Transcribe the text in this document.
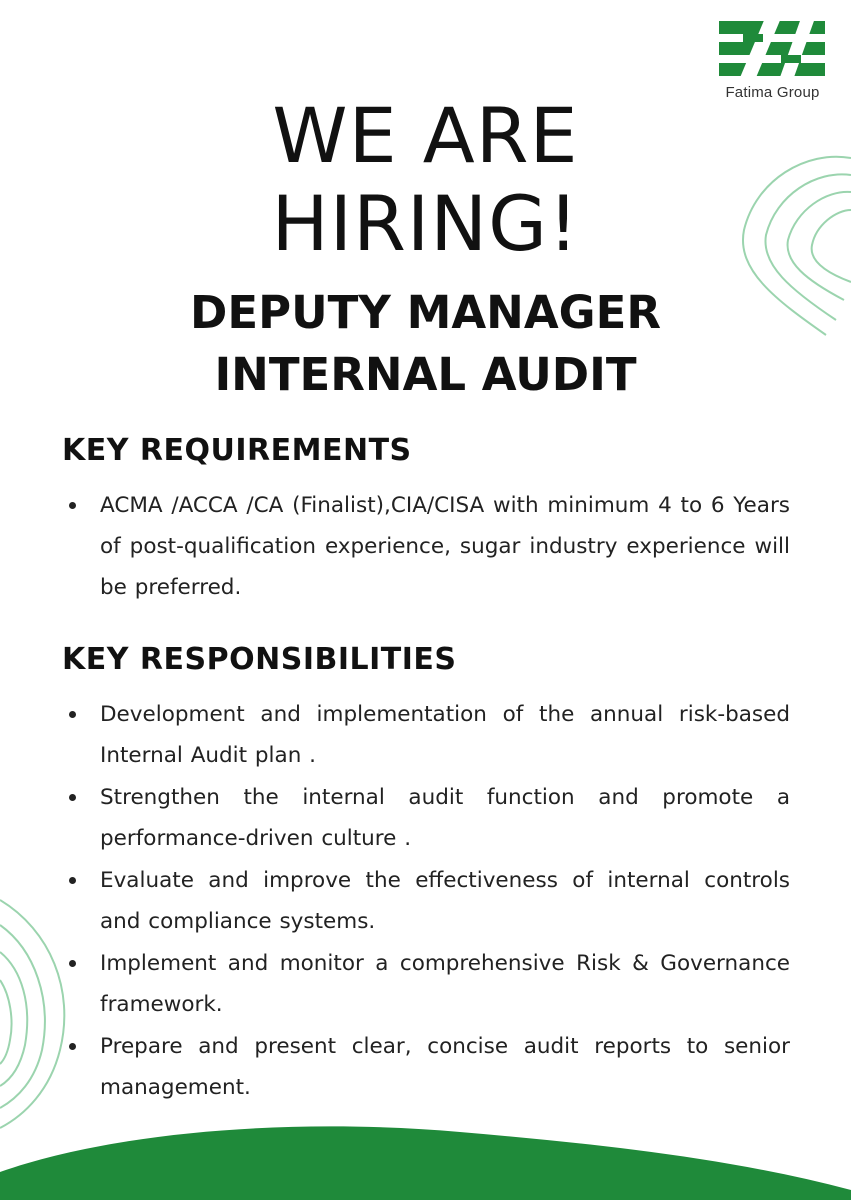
Fatima Group
WE ARE
HIRING!
DEPUTY MANAGER
INTERNAL AUDIT
KEY REQUIREMENTS
ACMA /ACCA /CA (Finalist),CIA/CISA with minimum 4 to 6 Years of post-qualification experience, sugar industry experience will be preferred.
KEY RESPONSIBILITIES
Development and implementation of the annual risk-based Internal Audit plan .
Strengthen the internal audit function and promote a performance-driven culture .
Evaluate and improve the effectiveness of internal controls and compliance systems.
Implement and monitor a comprehensive Risk & Governance framework.
Prepare and present clear, concise audit reports to senior management.
